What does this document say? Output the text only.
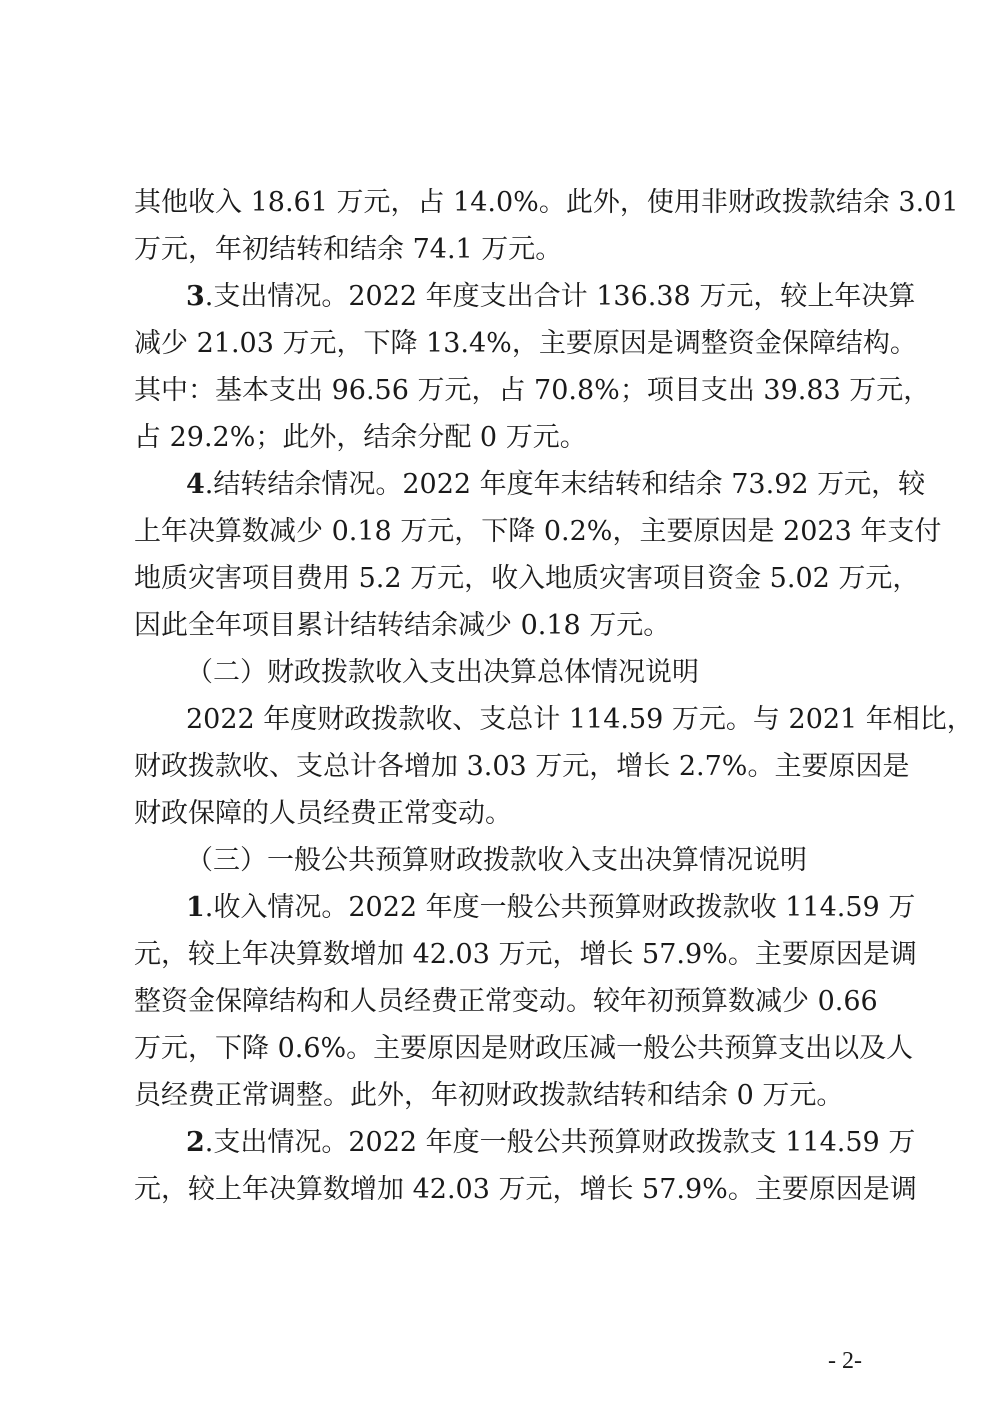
其他收入 18.61 万元，占 14.0%。此外，使用非财政拨款结余 3.01
万元，年初结转和结余 74.1 万元。
3.支出情况。2022 年度支出合计 136.38 万元，较上年决算
减少 21.03 万元，下降 13.4%，主要原因是调整资金保障结构。
其中：基本支出 96.56 万元，占 70.8%；项目支出 39.83 万元，
占 29.2%；此外，结余分配 0 万元。
4.结转结余情况。2022 年度年末结转和结余 73.92 万元，较
上年决算数减少 0.18 万元，下降 0.2%，主要原因是 2023 年支付
地质灾害项目费用 5.2 万元，收入地质灾害项目资金 5.02 万元，
因此全年项目累计结转结余减少 0.18 万元。
（二）财政拨款收入支出决算总体情况说明
2022 年度财政拨款收、支总计 114.59 万元。与 2021 年相比，
财政拨款收、支总计各增加 3.03 万元，增长 2.7%。主要原因是
财政保障的人员经费正常变动。
（三）一般公共预算财政拨款收入支出决算情况说明
1.收入情况。2022 年度一般公共预算财政拨款收 114.59 万
元，较上年决算数增加 42.03 万元，增长 57.9%。主要原因是调
整资金保障结构和人员经费正常变动。较年初预算数减少 0.66
万元，下降 0.6%。主要原因是财政压减一般公共预算支出以及人
员经费正常调整。此外，年初财政拨款结转和结余 0 万元。
2.支出情况。2022 年度一般公共预算财政拨款支 114.59 万
元，较上年决算数增加 42.03 万元，增长 57.9%。主要原因是调
- 2-
